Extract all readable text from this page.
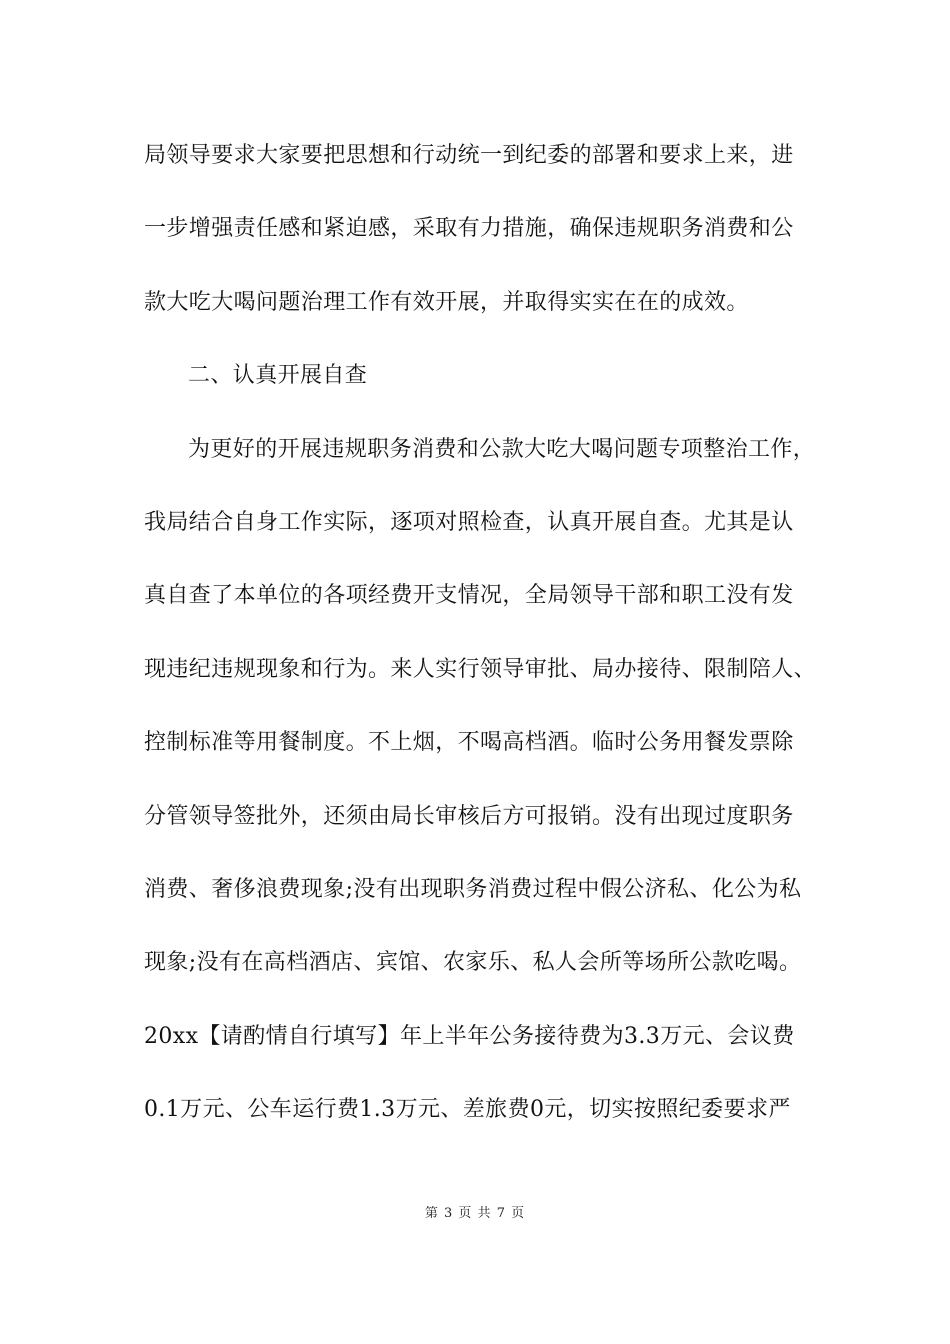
局领导要求大家要把思想和行动统一到纪委的部署和要求上来，进
一步增强责任感和紧迫感，采取有力措施，确保违规职务消费和公
款大吃大喝问题治理工作有效开展，并取得实实在在的成效。
二、认真开展自查
为更好的开展违规职务消费和公款大吃大喝问题专项整治工作，
我局结合自身工作实际，逐项对照检查，认真开展自查。尤其是认
真自查了本单位的各项经费开支情况，全局领导干部和职工没有发
现违纪违规现象和行为。来人实行领导审批、局办接待、限制陪人、
控制标准等用餐制度。不上烟，不喝高档酒。临时公务用餐发票除
分管领导签批外，还须由局长审核后方可报销。没有出现过度职务
消费、奢侈浪费现象;没有出现职务消费过程中假公济私、化公为私
现象;没有在高档酒店、宾馆、农家乐、私人会所等场所公款吃喝。
20xx【请酌情自行填写】年上半年公务接待费为3.3万元、会议费
0.1万元、公车运行费1.3万元、差旅费0元，切实按照纪委要求严
第 3 页 共 7 页
